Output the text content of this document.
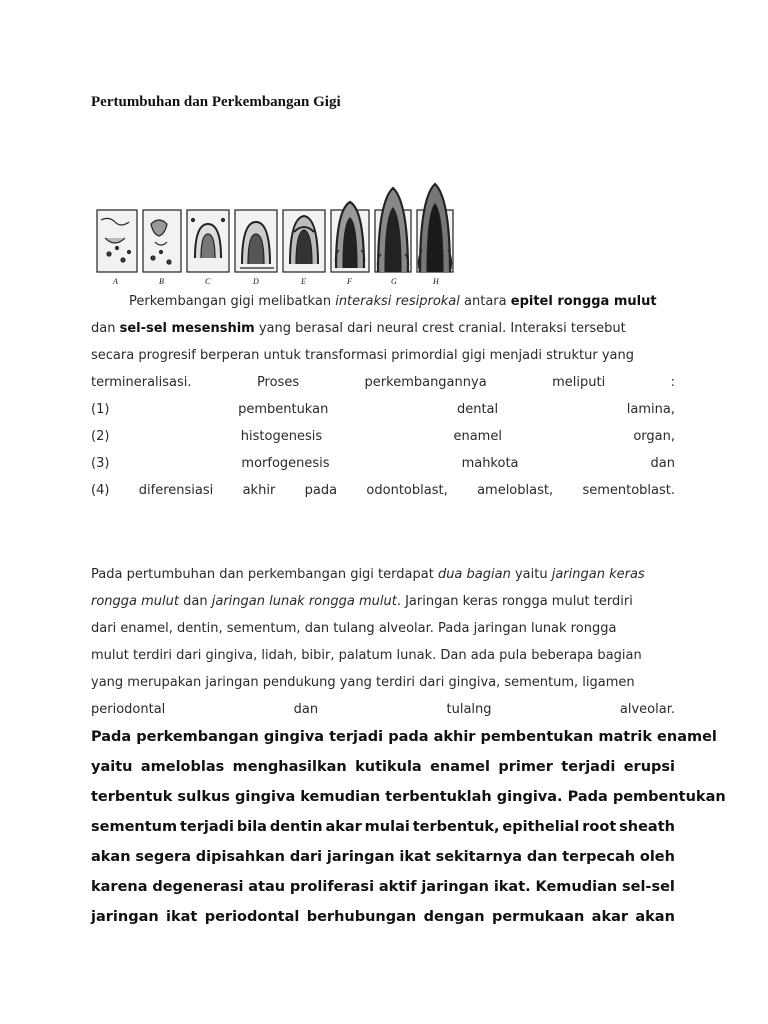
Pertumbuhan dan Perkembangan Gigi
A	B	C	D	E	F	G	H
Perkembangan gigi melibatkan interaksi resiprokal antara epitel rongga mulut
dan sel-sel mesenshim yang berasal dari neural crest cranial. Interaksi tersebut
secara progresif berperan untuk transformasi primordial gigi menjadi struktur yang
termineralisasi.	Proses	perkembangannya	meliputi	:
(1)	pembentukan	dental	lamina,
(2)	histogenesis	enamel	organ,
(3)	morfogenesis	mahkota	dan
(4) diferensiasi akhir pada odontoblast, ameloblast, sementoblast.
Pada pertumbuhan dan perkembangan gigi terdapat dua bagian yaitu jaringan keras
rongga mulut dan jaringan lunak rongga mulut. Jaringan keras rongga mulut terdiri
dari enamel, dentin, sementum, dan tulang alveolar. Pada jaringan lunak rongga
mulut terdiri dari gingiva, lidah, bibir, palatum lunak. Dan ada pula beberapa bagian
yang merupakan jaringan pendukung yang terdiri dari gingiva, sementum, ligamen
periodontal	dan	tulalng	alveolar.
Pada perkembangan gingiva terjadi pada akhir pembentukan matrik enamel
yaitu ameloblas menghasilkan kutikula enamel primer terjadi erupsi
terbentuk sulkus gingiva kemudian terbentuklah gingiva. Pada pembentukan
sementum terjadi bila dentin akar mulai terbentuk, epithelial root sheath
akan segera dipisahkan dari jaringan ikat sekitarnya dan terpecah oleh
karena degenerasi atau proliferasi aktif jaringan ikat. Kemudian sel-sel
jaringan ikat periodontal berhubungan dengan permukaan akar akan
